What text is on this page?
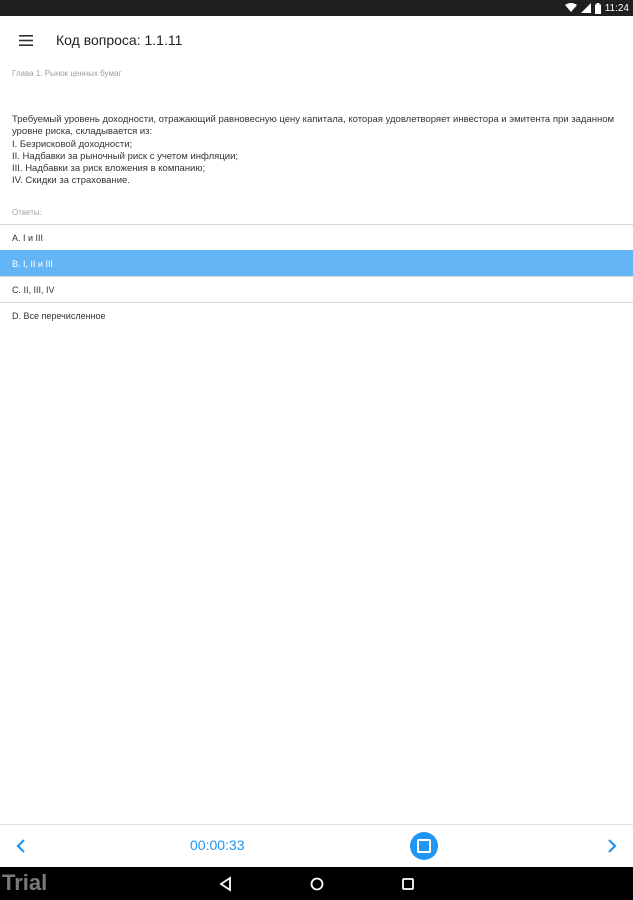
11:24
Код вопроса: 1.1.11
Глава 1. Рынок ценных бумаг
Требуемый уровень доходности, отражающий равновесную цену капитала, которая удовлетворяет инвестора и эмитента при заданном уровне риска, складывается из:
I. Безрисковой доходности;
II. Надбавки за рыночный риск с учетом инфляции;
III. Надбавки за риск вложения в компанию;
IV. Скидки за страхование.
Ответы:
A. I и III
B. I, II и III
C. II, III, IV
D. Все перечисленное
00:00:33
Trial
